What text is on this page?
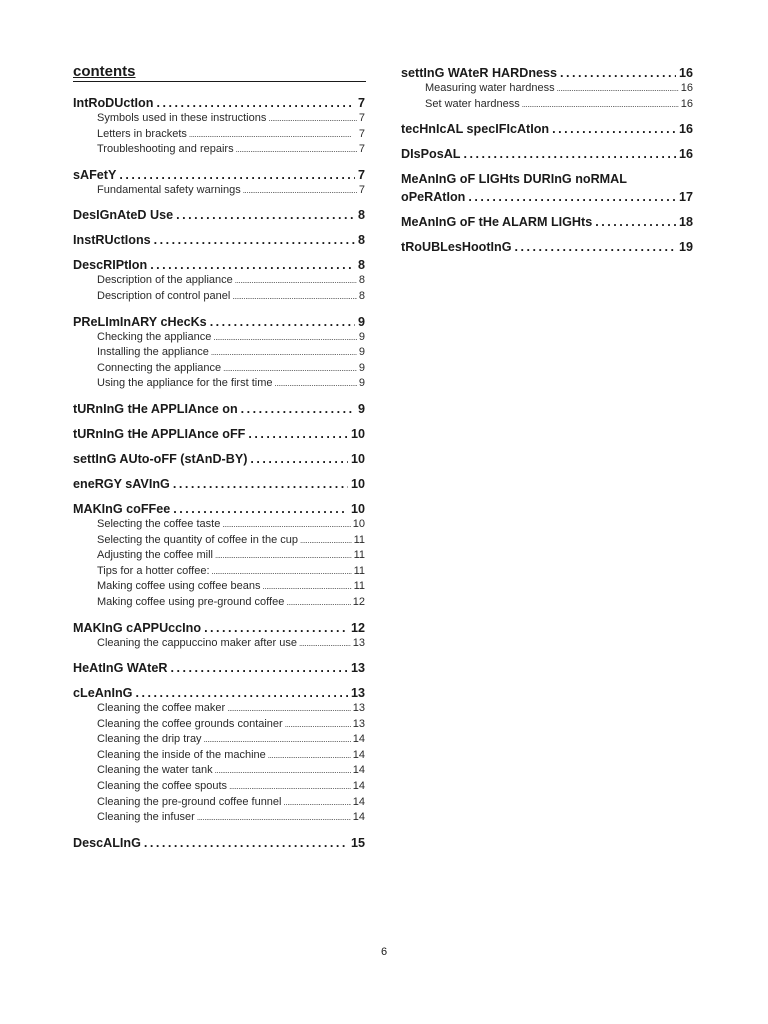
contents
IntRoDUctIon . . .	7
Symbols used in these instructions . . .	7
Letters in brackets . . .	7
Troubleshooting and repairs . . .	7
sAFetY . . .	7
Fundamental safety warnings . . .	7
DesIGnAteD Use . . .	8
InstRUctIons . . .	8
DescRIPtIon . . .	8
Description of the appliance . . .	8
Description of control panel . . .	8
PReLImInARY cHecKs . . .	9
Checking the appliance . . .	9
Installing the appliance . . .	9
Connecting the appliance . . .	9
Using the appliance for the first time . . .	9
tURnInG tHe APPLIAnce on . . .	9
tURnInG tHe APPLIAnce oFF . . .	10
settInG AUto-oFF (stAnD-BY) . . .	10
eneRGY sAVInG . . .	10
MAKInG coFFee . . .	10
Selecting the coffee taste . . .	10
Selecting the quantity of coffee in the cup . . .	11
Adjusting the coffee mill . . .	11
Tips for a hotter coffee: . . .	11
Making coffee using coffee beans . . .	11
Making coffee using pre-ground coffee . . .	12
MAKInG cAPPUccIno . . .	12
Cleaning the cappuccino maker after use . . .	13
HeAtInG WAteR . . .	13
cLeAnInG . . .	13
Cleaning the coffee maker . . .	13
Cleaning the coffee grounds container . . .	13
Cleaning the drip tray . . .	14
Cleaning the inside of the machine . . .	14
Cleaning the water tank . . .	14
Cleaning the coffee spouts . . .	14
Cleaning the pre-ground coffee funnel . . .	14
Cleaning the infuser . . .	14
DescALInG . . .	15
settInG WAteR HARDness . . .	16
Measuring water hardness . . .	16
Set water hardness . . .	16
tecHnIcAL specIFIcAtIon . . .	16
DIsPosAL . . .	16
MeAnInG oF LIGHts DURInG noRMAL
oPeRAtIon . . .	17
MeAnInG oF tHe ALARM LIGHts . . .	18
tRoUBLesHootInG . . .	19
6
